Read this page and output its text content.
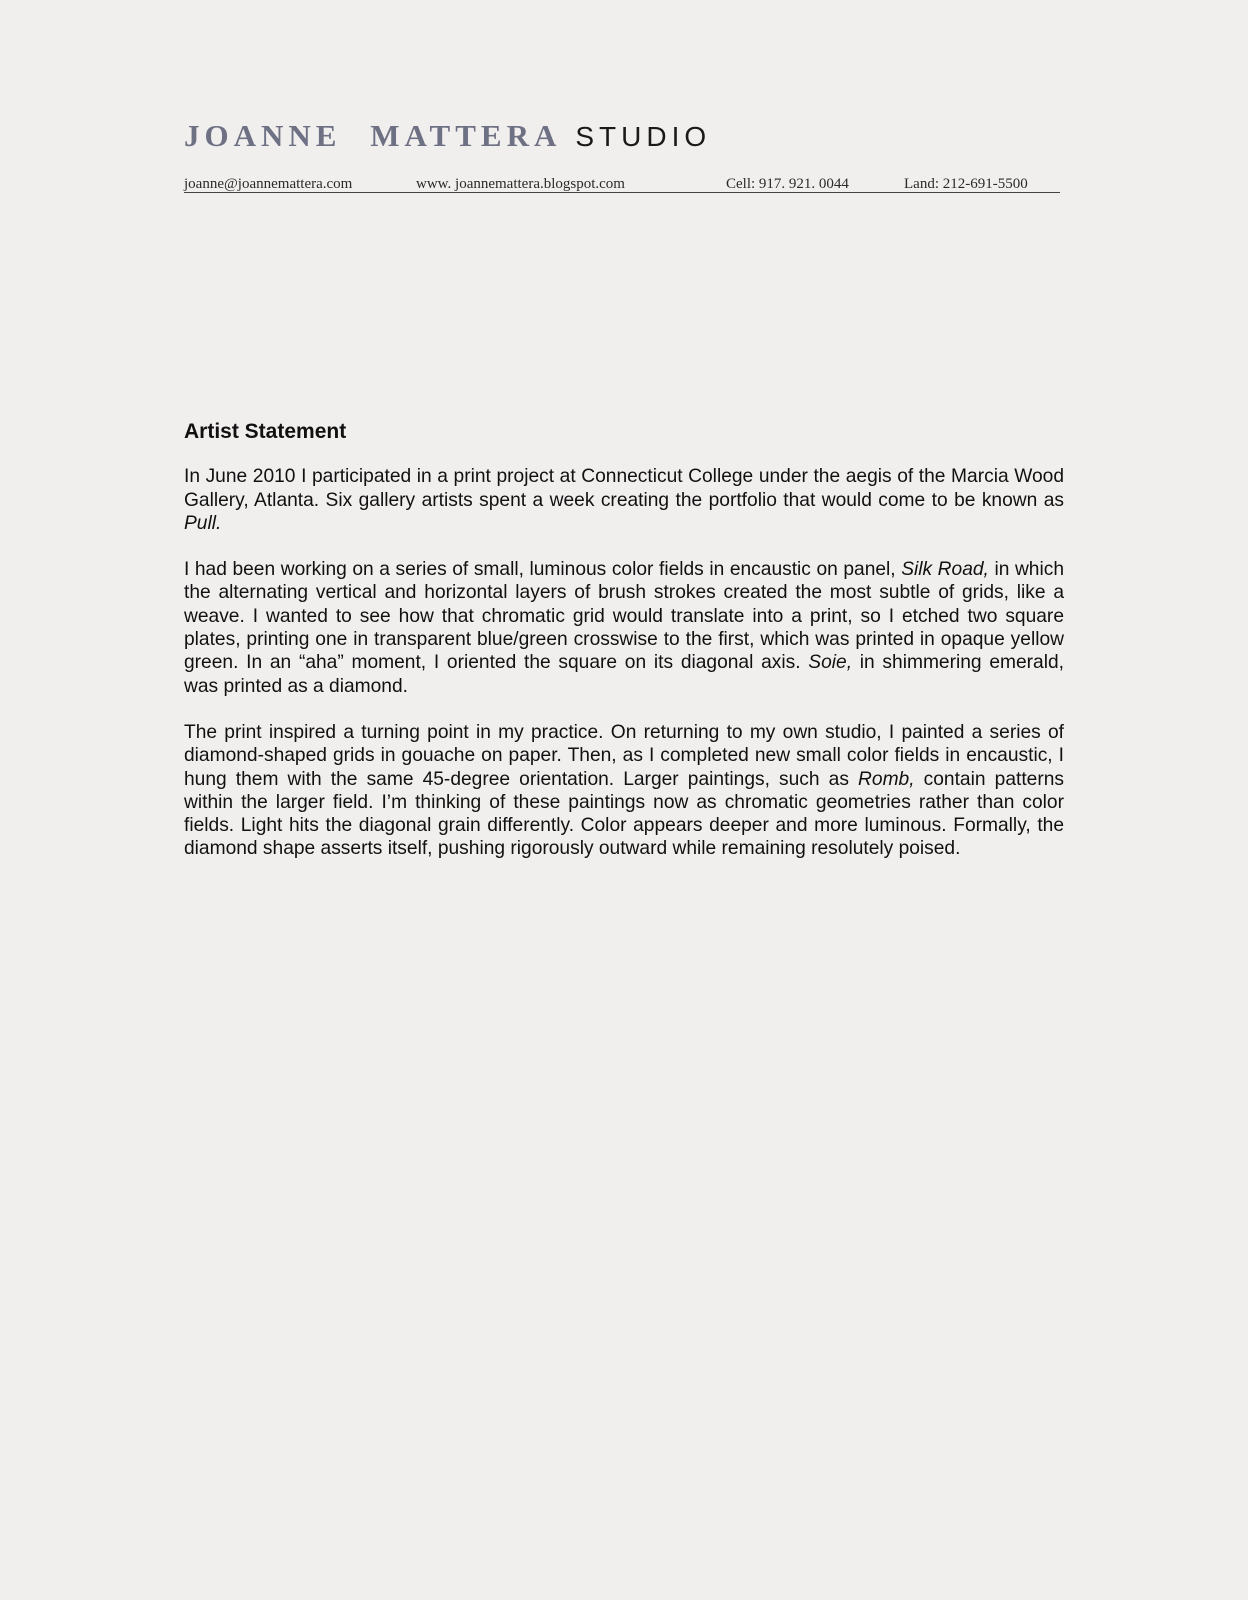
JOANNE MATTERA STUDIO
joanne@joannemattera.com	www. joannemattera.blogspot.com	Cell: 917. 921. 0044	Land: 212-691-5500
Artist Statement

In June 2010 I participated in a print project at Connecticut College under the aegis of the Marcia Wood Gallery, Atlanta. Six gallery artists spent a week creating the portfolio that would come to be known as Pull.

I had been working on a series of small, luminous color fields in encaustic on panel, Silk Road, in which the alternating vertical and horizontal layers of brush strokes created the most subtle of grids, like a weave. I wanted to see how that chromatic grid would translate into a print, so I etched two square plates, printing one in transparent blue/green crosswise to the first, which was printed in opaque yellow green. In an “aha” moment, I oriented the square on its diagonal axis. Soie, in shimmering emerald, was printed as a diamond.

The print inspired a turning point in my practice. On returning to my own studio, I painted a series of diamond-shaped grids in gouache on paper. Then, as I completed new small color fields in encaustic, I hung them with the same 45-degree orientation. Larger paintings, such as Romb, contain patterns within the larger field. I’m thinking of these paintings now as chromatic geometries rather than color fields. Light hits the diagonal grain differently. Color appears deeper and more luminous. Formally, the diamond shape asserts itself, pushing rigorously outward while remaining resolutely poised.
